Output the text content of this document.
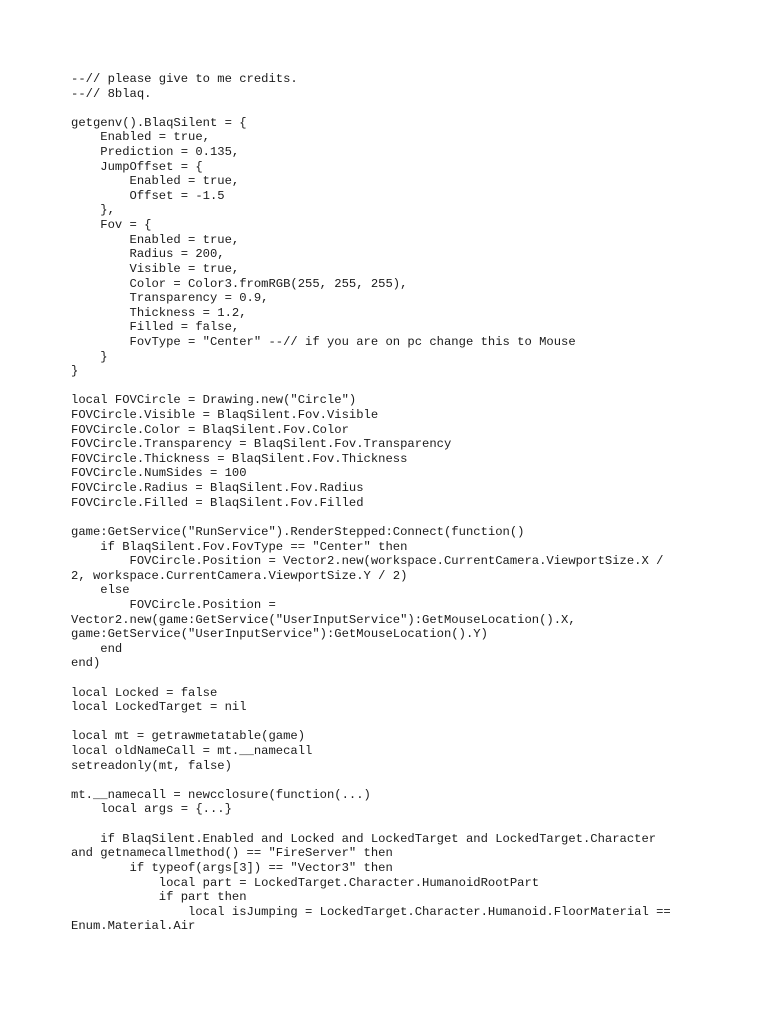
--// please give to me credits.
--// 8blaq.
getgenv().BlaqSilent = {
Enabled = true,
Prediction = 0.135,
JumpOffset = {
Enabled = true,
Offset = -1.5
},
Fov = {
Enabled = true,
Radius = 200,
Visible = true,
Color = Color3.fromRGB(255, 255, 255),
Transparency = 0.9,
Thickness = 1.2,
Filled = false,
FovType = "Center" --// if you are on pc change this to Mouse
}
}
local FOVCircle = Drawing.new("Circle")
FOVCircle.Visible = BlaqSilent.Fov.Visible
FOVCircle.Color = BlaqSilent.Fov.Color
FOVCircle.Transparency = BlaqSilent.Fov.Transparency
FOVCircle.Thickness = BlaqSilent.Fov.Thickness
FOVCircle.NumSides = 100
FOVCircle.Radius = BlaqSilent.Fov.Radius
FOVCircle.Filled = BlaqSilent.Fov.Filled
game:GetService("RunService").RenderStepped:Connect(function()
if BlaqSilent.Fov.FovType == "Center" then
FOVCircle.Position = Vector2.new(workspace.CurrentCamera.ViewportSize.X /
2, workspace.CurrentCamera.ViewportSize.Y / 2)
else
FOVCircle.Position =
Vector2.new(game:GetService("UserInputService"):GetMouseLocation().X,
game:GetService("UserInputService"):GetMouseLocation().Y)
end
end)
local Locked = false
local LockedTarget = nil
local mt = getrawmetatable(game)
local oldNameCall = mt.__namecall
setreadonly(mt, false)
mt.__namecall = newcclosure(function(...)
local args = {...}
if BlaqSilent.Enabled and Locked and LockedTarget and LockedTarget.Character
and getnamecallmethod() == "FireServer" then
if typeof(args[3]) == "Vector3" then
local part = LockedTarget.Character.HumanoidRootPart
if part then
local isJumping = LockedTarget.Character.Humanoid.FloorMaterial ==
Enum.Material.Air
